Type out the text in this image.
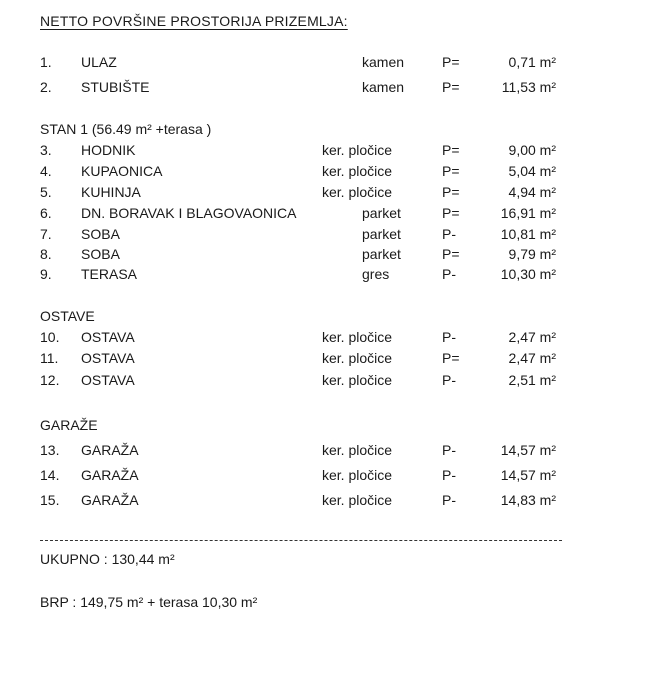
NETTO POVRŠINE PROSTORIJA PRIZEMLJA:
1. ULAZ	kamen	P=	0,71 m²
2. STUBIŠTE	kamen	P=	11,53 m²
STAN 1 (56.49 m² +terasa )
3. HODNIK	ker. pločice	P=	9,00 m²
4. KUPAONICA	ker. pločice	P=	5,04 m²
5. KUHINJA	ker. pločice	P=	4,94 m²
6. DN. BORAVAK I BLAGOVAONICA	parket	P=	16,91 m²
7. SOBA	parket	P-	10,81 m²
8. SOBA	parket	P=	9,79 m²
9. TERASA	gres	P-	10,30 m²
OSTAVE
10. OSTAVA	ker. pločice	P-	2,47 m²
11. OSTAVA	ker. pločice	P=	2,47 m²
12. OSTAVA	ker. pločice	P-	2,51 m²
GARAŽE
13. GARAŽA	ker. pločice	P-	14,57 m²
14. GARAŽA	ker. pločice	P-	14,57 m²
15. GARAŽA	ker. pločice	P-	14,83 m²
UKUPNO : 130,44 m²
BRP : 149,75 m² + terasa 10,30 m²
